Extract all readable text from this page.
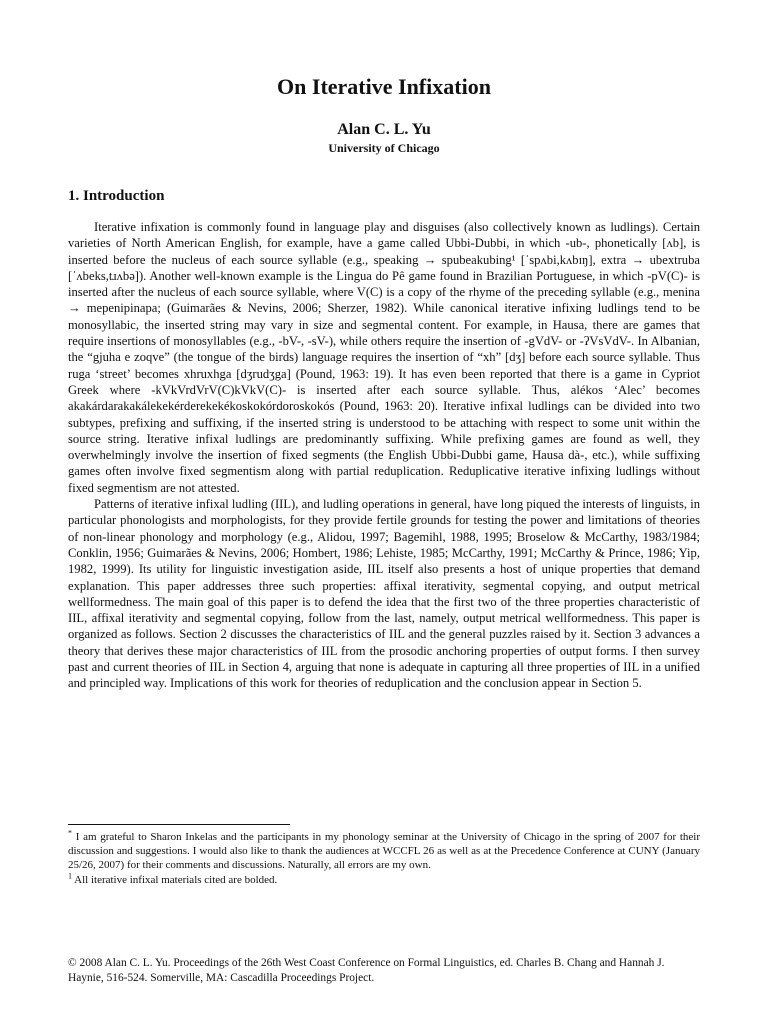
On Iterative Infixation
Alan C. L. Yu
University of Chicago
1. Introduction

Iterative infixation is commonly found in language play and disguises (also collectively known as ludlings). Certain varieties of North American English, for example, have a game called Ubbi-Dubbi, in which -ub-, phonetically [ʌb], is inserted before the nucleus of each source syllable (e.g., speaking → spubeakubing¹ [ˈspʌbi,kʌbɪŋ], extra → ubextruba [ˈʌbeks,tɹʌbə]). Another well-known example is the Lingua do Pê game found in Brazilian Portuguese, in which -pV(C)- is inserted after the nucleus of each source syllable, where V(C) is a copy of the rhyme of the preceding syllable (e.g., menina → mepenipinapa; (Guimarães & Nevins, 2006; Sherzer, 1982). While canonical iterative infixing ludlings tend to be monosyllabic, the inserted string may vary in size and segmental content. For example, in Hausa, there are games that require insertions of monosyllables (e.g., -bV-, -sV-), while others require the insertion of -gVdV- or -ʔVsVdV-. In Albanian, the “gjuha e zoqve” (the tongue of the birds) language requires the insertion of “xh” [dʒ] before each source syllable. Thus ruga ‘street’ becomes xhruxhga [dʒrudʒga] (Pound, 1963: 19). It has even been reported that there is a game in Cypriot Greek where -kVkVrdVrV(C)kVkV(C)- is inserted after each source syllable. Thus, alékos ‘Alec’ becomes akakárdarakakálekekérderekekékoskokórdoroskokós (Pound, 1963: 20). Iterative infixal ludlings can be divided into two subtypes, prefixing and suffixing, if the inserted string is understood to be attaching with respect to some unit within the source string. Iterative infixal ludlings are predominantly suffixing. While prefixing games are found as well, they overwhelmingly involve the insertion of fixed segments (the English Ubbi-Dubbi game, Hausa dà-, etc.), while suffixing games often involve fixed segmentism along with partial reduplication. Reduplicative iterative infixing ludlings without fixed segmentism are not attested.

Patterns of iterative infixal ludling (IIL), and ludling operations in general, have long piqued the interests of linguists, in particular phonologists and morphologists, for they provide fertile grounds for testing the power and limitations of theories of non-linear phonology and morphology (e.g., Alidou, 1997; Bagemihl, 1988, 1995; Broselow & McCarthy, 1983/1984; Conklin, 1956; Guimarães & Nevins, 2006; Hombert, 1986; Lehiste, 1985; McCarthy, 1991; McCarthy & Prince, 1986; Yip, 1982, 1999). Its utility for linguistic investigation aside, IIL itself also presents a host of unique properties that demand explanation. This paper addresses three such properties: affixal iterativity, segmental copying, and output metrical wellformedness. The main goal of this paper is to defend the idea that the first two of the three properties characteristic of IIL, affixal iterativity and segmental copying, follow from the last, namely, output metrical wellformedness. This paper is organized as follows. Section 2 discusses the characteristics of IIL and the general puzzles raised by it. Section 3 advances a theory that derives these major characteristics of IIL from the prosodic anchoring properties of output forms. I then survey past and current theories of IIL in Section 4, arguing that none is adequate in capturing all three properties of IIL in a unified and principled way. Implications of this work for theories of reduplication and the conclusion appear in Section 5.

* I am grateful to Sharon Inkelas and the participants in my phonology seminar at the University of Chicago in the spring of 2007 for their discussion and suggestions. I would also like to thank the audiences at WCCFL 26 as well as at the Precedence Conference at CUNY (January 25/26, 2007) for their comments and discussions. Naturally, all errors are my own.

$^1$ All iterative infixal materials cited are bolded.

© 2008 Alan C. L. Yu. Proceedings of the 26th West Coast Conference on Formal Linguistics, ed. Charles B. Chang and Hannah J. Haynie, 516-524. Somerville, MA: Cascadilla Proceedings Project.
